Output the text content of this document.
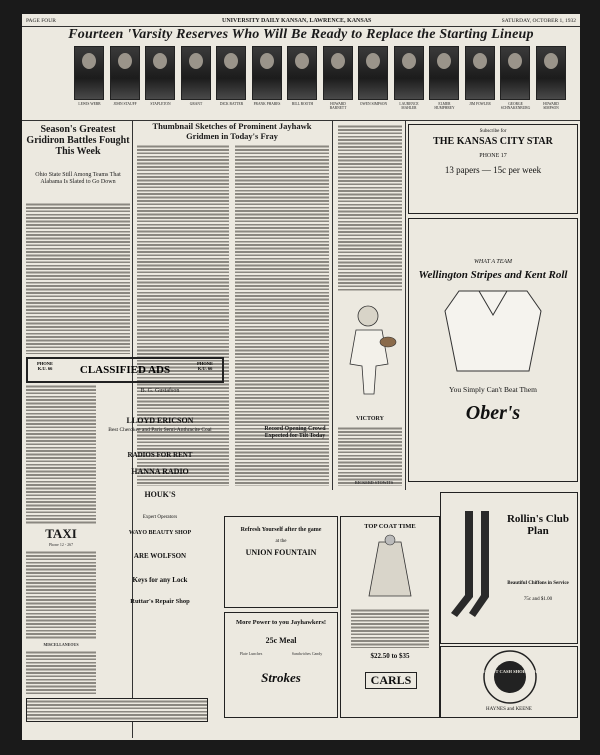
PAGE FOUR	UNIVERSITY DAILY KANSAN, LAWRENCE, KANSAS	SATURDAY, OCTOBER 1, 1932
Fourteen 'Varsity Reserves Who Will Be Ready to Replace the Starting Lineup
LEWIS WEBB	JOHN STAUFF	STAPLETON	GRANT	DICK BATTER	FRANK PHARES	BILL BOOTH	HOWARD BARNETT
OWEN SIMPSON	LAURENCE MAHLER
ELMER HUMPHREY
JIM FOWLER	GEORGE SCHNAKENBURG
HOWARD SIMPSON
Season's Greatest Gridiron Battles Fought This Week
Ohio State Still Among Teams That Alabama Is Slated to Go Down
Thumbnail Sketches of Prominent Jayhawk Gridmen in Today's Fray
VICTORY
Record Opening Crowd Expected for Tilt Today
Subscribe for
THE KANSAS CITY STAR
PHONE 17
13 papers — 15c per week
WHAT A TEAM
Wellington Stripes and Kent Roll
You Simply Can't Beat Them
Ober's
PHONE K.U. 66	CLASSIFIED ADS
PHONE K.U. 66
TAXI
Phone 12 - 267
MISCELLANEOUS
B. G. Gustafson
LLOYD ERICSON
Best Cherokee and Paris Semi-Anthracite Coal
RADIOS FOR RENT
HANNA RADIO
HOUK'S
Expert Operators
WAYO BEAUTY SHOP
ARE WOLFSON
Keys for any Lock
Ruttar's Repair Shop
Refresh Yourself after the game
at the
UNION FOUNTAIN
TOP COAT TIME
$22.50 to $35
CARLS
More Power to you Jayhawkers!
25c Meal
Plate Lunches	Sandwiches Candy
Strokes
Rollin's Club Plan
Beautiful Chiffons in Service
75c and $1.00
THE SPOT CASH SHOE STORE
HAYNES and KEENE
RICKERD STOWITS
